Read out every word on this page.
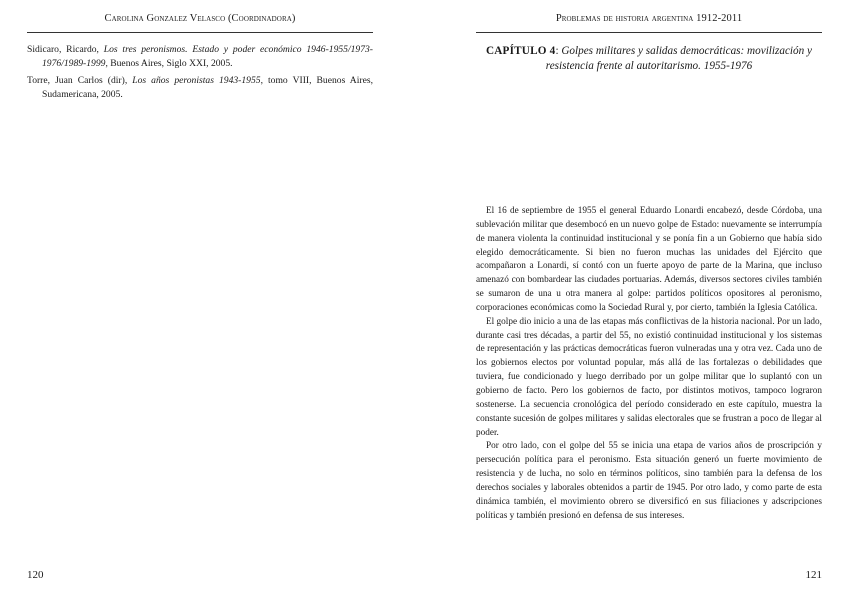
Carolina Gonzalez Velasco (Coordinadora)

Sidicaro, Ricardo, Los tres peronismos. Estado y poder económico 1946-1955/1973-1976/1989-1999, Buenos Aires, Siglo XXI, 2005.

Torre, Juan Carlos (dir), Los años peronistas 1943-1955, tomo VIII, Buenos Aires, Sudamericana, 2005.

120
Problemas de historia argentina 1912-2011
CAPÍTULO 4: Golpes militares y salidas democráticas: movilización y resistencia frente al autoritarismo. 1955-1976

El 16 de septiembre de 1955 el general Eduardo Lonardi encabezó, desde Córdoba, una sublevación militar que desembocó en un nuevo golpe de Estado: nuevamente se interrumpía de manera violenta la continuidad institucional y se ponía fin a un Gobierno que había sido elegido democráticamente. Si bien no fueron muchas las unidades del Ejército que acompañaron a Lonardi, sí contó con un fuerte apoyo de parte de la Marina, que incluso amenazó con bombardear las ciudades portuarias. Además, diversos sectores civiles también se sumaron de una u otra manera al golpe: partidos políticos opositores al peronismo, corporaciones económicas como la Sociedad Rural y, por cierto, también la Iglesia Católica.

El golpe dio inicio a una de las etapas más conflictivas de la historia nacional. Por un lado, durante casi tres décadas, a partir del 55, no existió continuidad institucional y los sistemas de representación y las prácticas democráticas fueron vulneradas una y otra vez. Cada uno de los gobiernos electos por voluntad popular, más allá de las fortalezas o debilidades que tuviera, fue condicionado y luego derribado por un golpe militar que lo suplantó con un gobierno de facto. Pero los gobiernos de facto, por distintos motivos, tampoco lograron sostenerse. La secuencia cronológica del período considerado en este capítulo, muestra la constante sucesión de golpes militares y salidas electorales que se frustran a poco de llegar al poder.

Por otro lado, con el golpe del 55 se inicia una etapa de varios años de proscripción y persecución política para el peronismo. Esta situación generó un fuerte movimiento de resistencia y de lucha, no solo en términos políticos, sino también para la defensa de los derechos sociales y laborales obtenidos a partir de 1945. Por otro lado, y como parte de esta dinámica también, el movimiento obrero se diversificó en sus filiaciones y adscripciones políticas y también presionó en defensa de sus intereses.

121
